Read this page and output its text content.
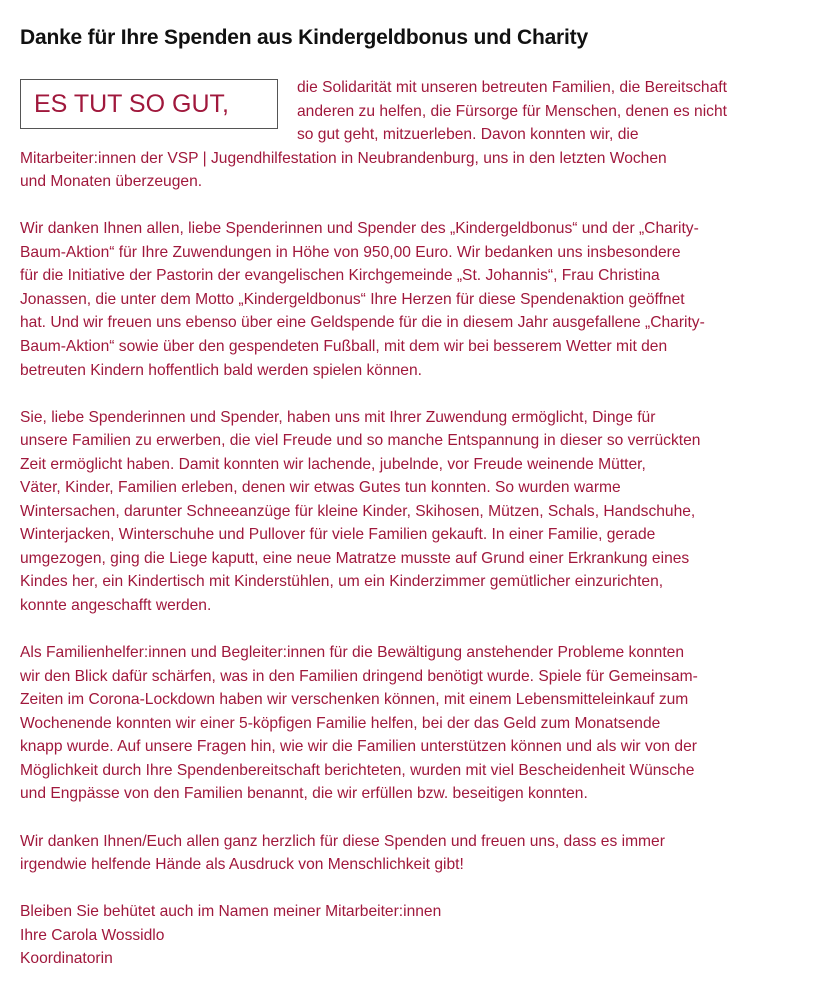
Danke für Ihre Spenden aus Kindergeldbonus und Charity
ES TUT SO GUT,

die Solidarität mit unseren betreuten Familien, die Bereitschaft
anderen zu helfen, die Fürsorge für Menschen, denen es nicht
so gut geht, mitzuerleben. Davon konnten wir, die
Mitarbeiter:innen der VSP | Jugendhilfestation in Neubrandenburg, uns in den letzten Wochen
und Monaten überzeugen.

Wir danken Ihnen allen, liebe Spenderinnen und Spender des „Kindergeldbonus“ und der „Charity-
Baum-Aktion“ für Ihre Zuwendungen in Höhe von 950,00 Euro. Wir bedanken uns insbesondere
für die Initiative der Pastorin der evangelischen Kirchgemeinde „St. Johannis“, Frau Christina
Jonassen, die unter dem Motto „Kindergeldbonus“ Ihre Herzen für diese Spendenaktion geöffnet
hat. Und wir freuen uns ebenso über eine Geldspende für die in diesem Jahr ausgefallene „Charity-
Baum-Aktion“ sowie über den gespendeten Fußball, mit dem wir bei besserem Wetter mit den
betreuten Kindern hoffentlich bald werden spielen können.

Sie, liebe Spenderinnen und Spender, haben uns mit Ihrer Zuwendung ermöglicht, Dinge für
unsere Familien zu erwerben, die viel Freude und so manche Entspannung in dieser so verrückten
Zeit ermöglicht haben. Damit konnten wir lachende, jubelnde, vor Freude weinende Mütter,
Väter, Kinder, Familien erleben, denen wir etwas Gutes tun konnten. So wurden warme
Wintersachen, darunter Schneeanzüge für kleine Kinder, Skihosen, Mützen, Schals, Handschuhe,
Winterjacken, Winterschuhe und Pullover für viele Familien gekauft. In einer Familie, gerade
umgezogen, ging die Liege kaputt, eine neue Matratze musste auf Grund einer Erkrankung eines
Kindes her, ein Kindertisch mit Kinderstühlen, um ein Kinderzimmer gemütlicher einzurichten,
konnte angeschafft werden.

Als Familienhelfer:innen und Begleiter:innen für die Bewältigung anstehender Probleme konnten
wir den Blick dafür schärfen, was in den Familien dringend benötigt wurde. Spiele für Gemeinsam-
Zeiten im Corona-Lockdown haben wir verschenken können, mit einem Lebensmitteleinkauf zum
Wochenende konnten wir einer 5-köpfigen Familie helfen, bei der das Geld zum Monatsende
knapp wurde. Auf unsere Fragen hin, wie wir die Familien unterstützen können und als wir von der
Möglichkeit durch Ihre Spendenbereitschaft berichteten, wurden mit viel Bescheidenheit Wünsche
und Engpässe von den Familien benannt, die wir erfüllen bzw. beseitigen konnten.

Wir danken Ihnen/Euch allen ganz herzlich für diese Spenden und freuen uns, dass es immer
irgendwie helfende Hände als Ausdruck von Menschlichkeit gibt!

Bleiben Sie behütet auch im Namen meiner Mitarbeiter:innen
Ihre Carola Wossidlo
Koordinatorin
